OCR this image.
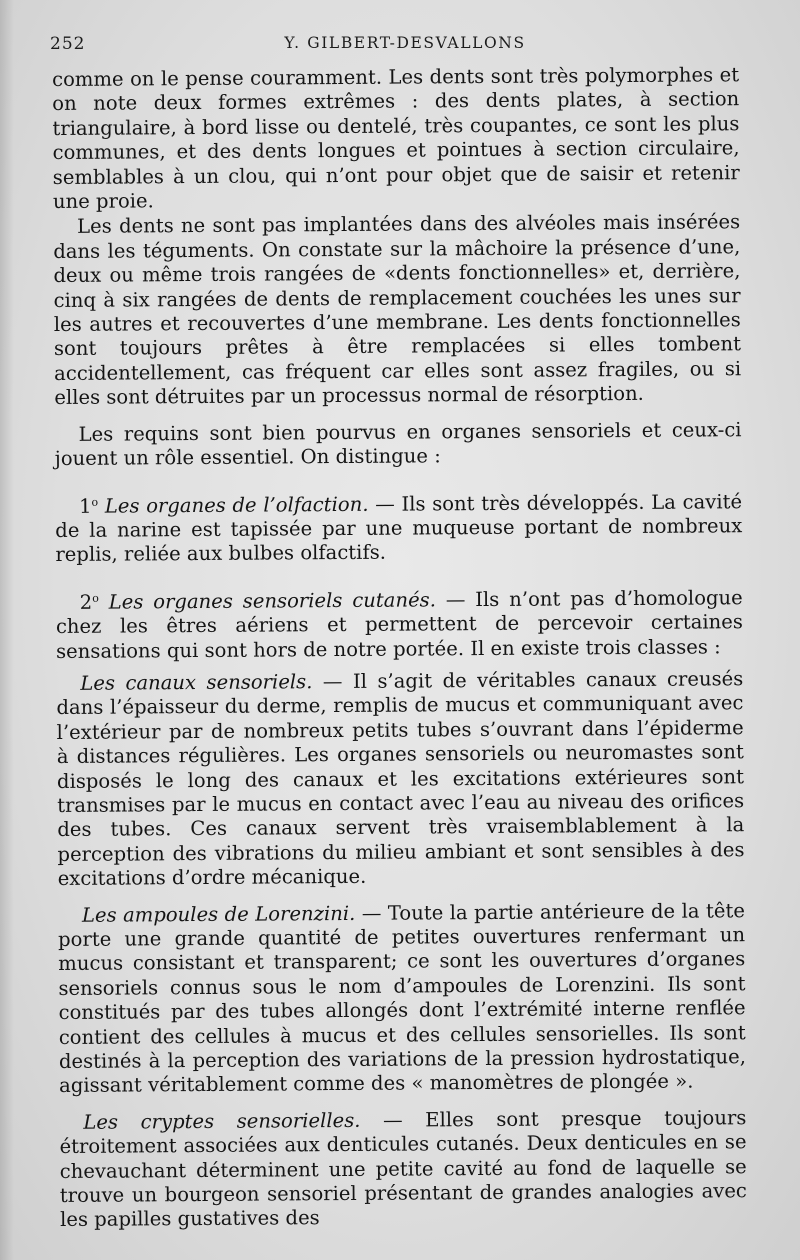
252	Y. GILBERT-DESVALLONS

comme on le pense couramment. Les dents sont très polymorphes et on note deux formes extrêmes : des dents plates, à section triangulaire, à bord lisse ou dentelé, très coupantes, ce sont les plus communes, et des dents longues et pointues à section circulaire, semblables à un clou, qui n’ont pour objet que de saisir et retenir une proie.

Les dents ne sont pas implantées dans des alvéoles mais insérées dans les téguments. On constate sur la mâchoire la présence d’une, deux ou même trois rangées de «dents fonctionnelles» et, derrière, cinq à six rangées de dents de remplacement couchées les unes sur les autres et recouvertes d’une membrane. Les dents fonctionnelles sont toujours prêtes à être remplacées si elles tombent accidentellement, cas fréquent car elles sont assez fragiles, ou si elles sont détruites par un processus normal de résorption.

Les requins sont bien pourvus en organes sensoriels et ceux-ci jouent un rôle essentiel. On distingue :

1$^o$ Les organes de l’olfaction. — Ils sont très développés. La cavité de la narine est tapissée par une muqueuse portant de nombreux replis, reliée aux bulbes olfactifs.

2$^o$ Les organes sensoriels cutanés. — Ils n’ont pas d’homologue chez les êtres aériens et permettent de percevoir certaines sensations qui sont hors de notre portée. Il en existe trois classes :

Les canaux sensoriels. — Il s’agit de véritables canaux creusés dans l’épaisseur du derme, remplis de mucus et communiquant avec l’extérieur par de nombreux petits tubes s’ouvrant dans l’épiderme à distances régulières. Les organes sensoriels ou neuromastes sont disposés le long des canaux et les excitations extérieures sont transmises par le mucus en contact avec l’eau au niveau des orifices des tubes. Ces canaux servent très vraisemblablement à la perception des vibrations du milieu ambiant et sont sensibles à des excitations d’ordre mécanique.

Les ampoules de Lorenzini. — Toute la partie antérieure de la tête porte une grande quantité de petites ouvertures renfermant un mucus consistant et transparent; ce sont les ouvertures d’organes sensoriels connus sous le nom d’ampoules de Lorenzini. Ils sont constitués par des tubes allongés dont l’extrémité interne renflée contient des cellules à mucus et des cellules sensorielles. Ils sont destinés à la perception des variations de la pression hydrostatique, agissant véritablement comme des « manomètres de plongée ».

Les cryptes sensorielles. — Elles sont presque toujours étroitement associées aux denticules cutanés. Deux denticules en se chevauchant déterminent une petite cavité au fond de laquelle se trouve un bourgeon sensoriel présentant de grandes analogies avec les papilles gustatives des
